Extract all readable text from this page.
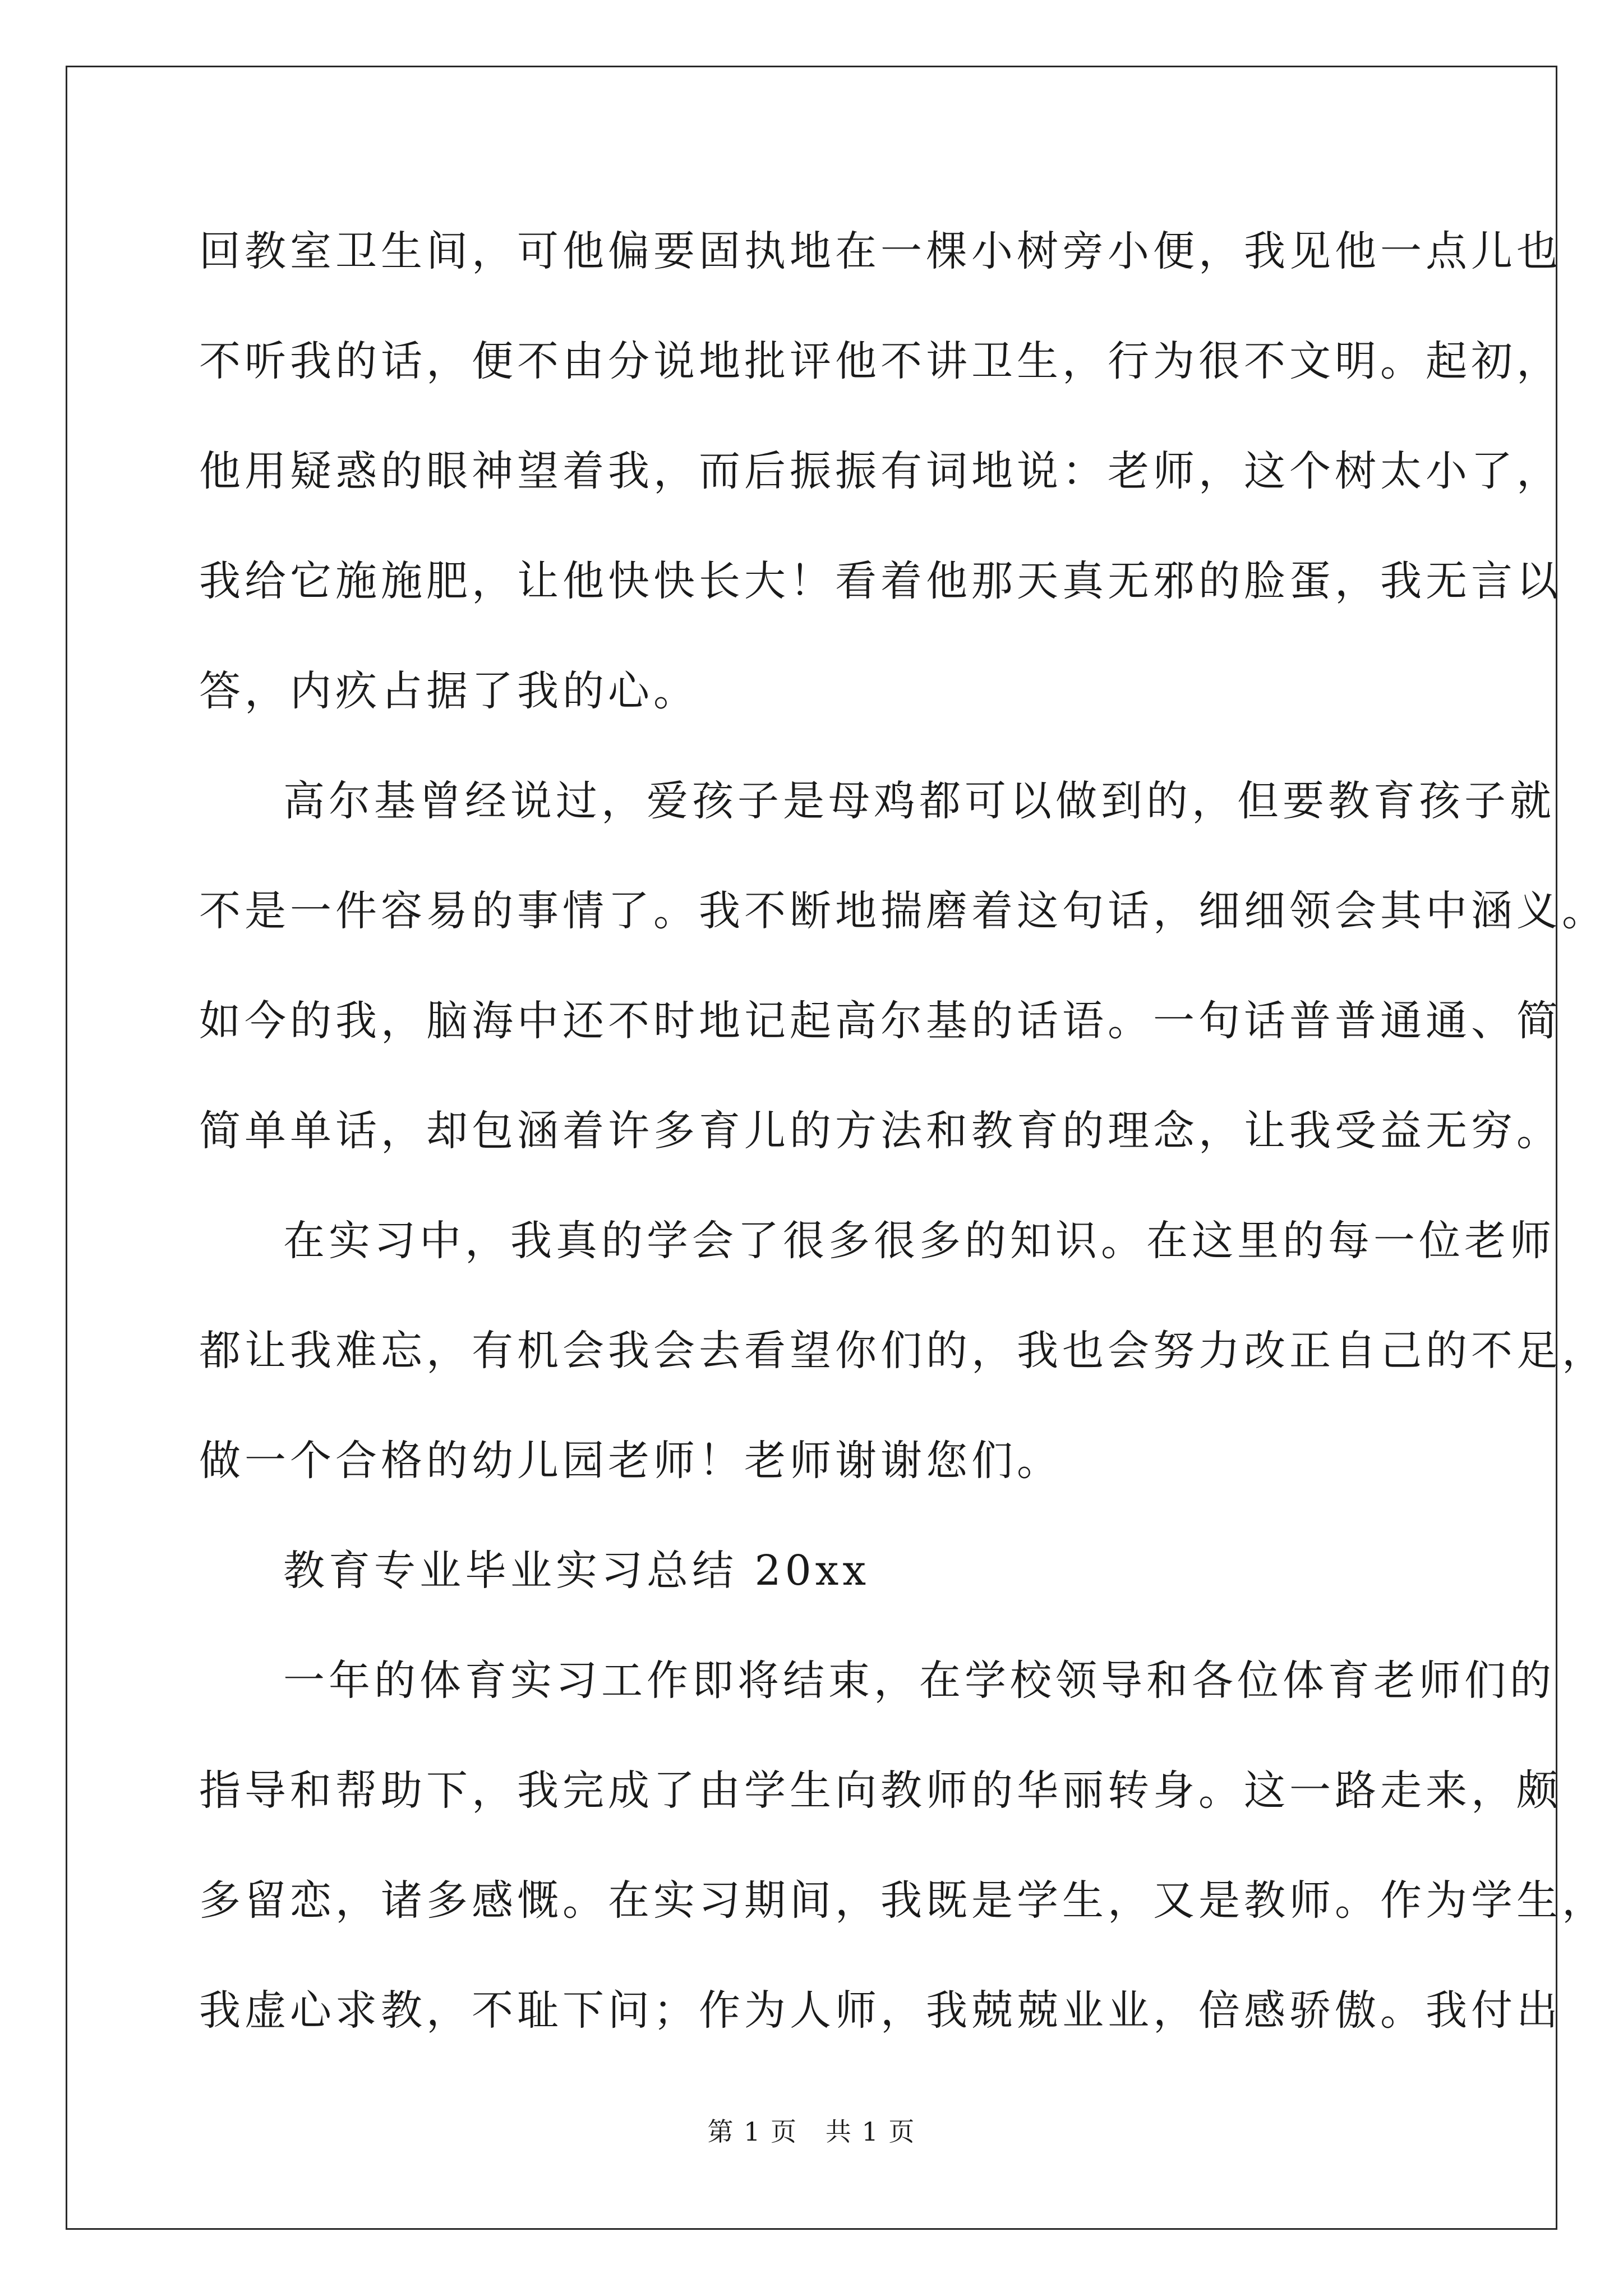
回教室卫生间，可他偏要固执地在一棵小树旁小便，我见他一点儿也
不听我的话，便不由分说地批评他不讲卫生，行为很不文明。起初，
他用疑惑的眼神望着我，而后振振有词地说：老师，这个树太小了，
我给它施施肥，让他快快长大！看着他那天真无邪的脸蛋，我无言以
答，内疚占据了我的心。
高尔基曾经说过，爱孩子是母鸡都可以做到的，但要教育孩子就
不是一件容易的事情了。我不断地揣磨着这句话，细细领会其中涵义。
如今的我，脑海中还不时地记起高尔基的话语。一句话普普通通、简
简单单话，却包涵着许多育儿的方法和教育的理念，让我受益无穷。
在实习中，我真的学会了很多很多的知识。在这里的每一位老师
都让我难忘，有机会我会去看望你们的，我也会努力改正自己的不足，
做一个合格的幼儿园老师！老师谢谢您们。
教育专业毕业实习总结 20xx
一年的体育实习工作即将结束，在学校领导和各位体育老师们的
指导和帮助下，我完成了由学生向教师的华丽转身。这一路走来，颇
多留恋，诸多感慨。在实习期间，我既是学生，又是教师。作为学生，
我虚心求教，不耻下问；作为人师，我兢兢业业，倍感骄傲。我付出
第 1 页   共 1 页
